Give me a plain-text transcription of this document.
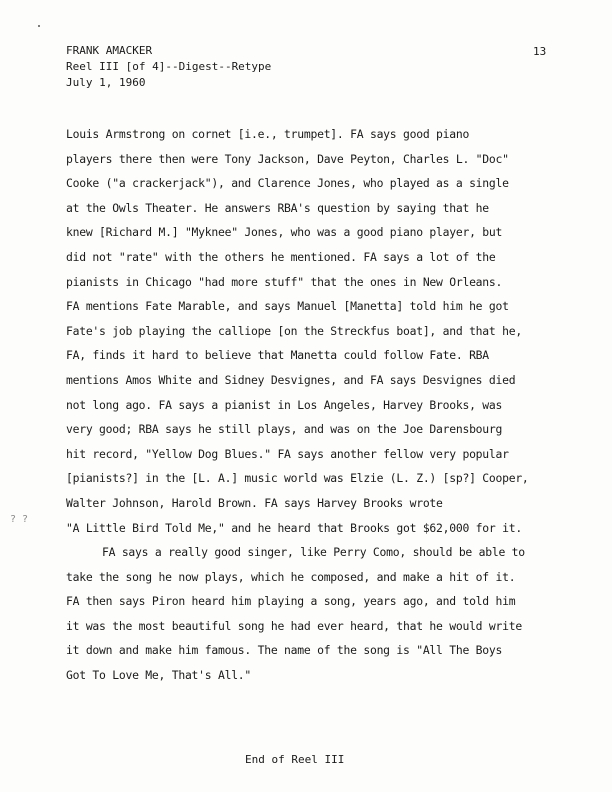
FRANK AMACKER
Reel III [of 4]--Digest--Retype
July 1, 1960
13
? ?
Louis Armstrong on cornet [i.e., trumpet]. FA says good piano
players there then were Tony Jackson, Dave Peyton, Charles L. "Doc"
Cooke ("a crackerjack"), and Clarence Jones, who played as a single
at the Owls Theater. He answers RBA's question by saying that he
knew [Richard M.] "Myknee" Jones, who was a good piano player, but
did not "rate" with the others he mentioned. FA says a lot of the
pianists in Chicago "had more stuff" that the ones in New Orleans.
FA mentions Fate Marable, and says Manuel [Manetta] told him he got
Fate's job playing the calliope [on the Streckfus boat], and that he,
FA, finds it hard to believe that Manetta could follow Fate. RBA
mentions Amos White and Sidney Desvignes, and FA says Desvignes died
not long ago. FA says a pianist in Los Angeles, Harvey Brooks, was
very good; RBA says he still plays, and was on the Joe Darensbourg
hit record, "Yellow Dog Blues." FA says another fellow very popular
[pianists?] in the [L. A.] music world was Elzie (L. Z.) [sp?] Cooper,
Walter Johnson, Harold Brown. FA says Harvey Brooks wrote
"A Little Bird Told Me," and he heard that Brooks got $62,000 for it.
FA says a really good singer, like Perry Como, should be able to
take the song he now plays, which he composed, and make a hit of it.
FA then says Piron heard him playing a song, years ago, and told him
it was the most beautiful song he had ever heard, that he would write
it down and make him famous. The name of the song is "All The Boys
Got To Love Me, That's All."
End of Reel III
